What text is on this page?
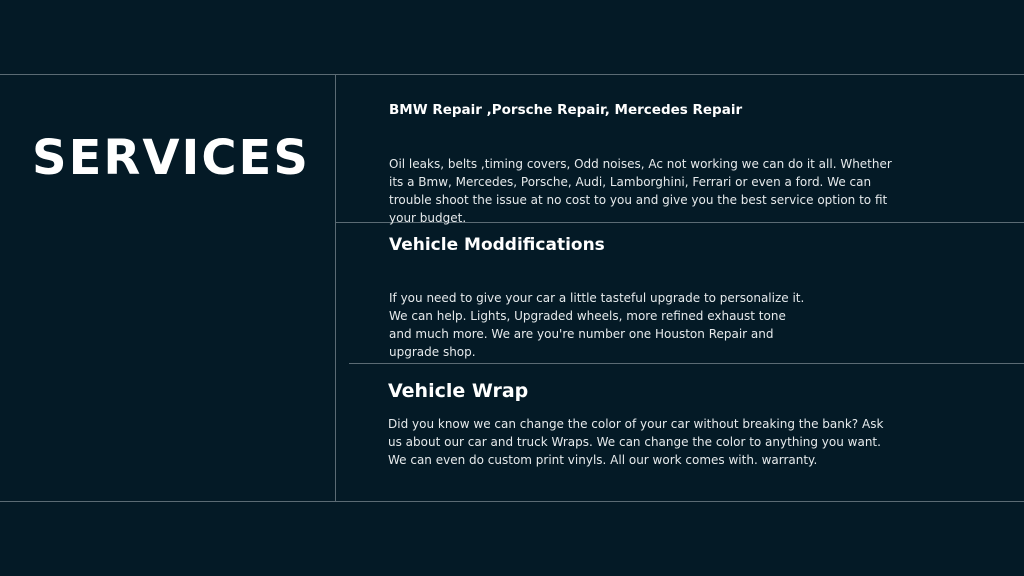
SERVICES
BMW Repair ,Porsche Repair, Mercedes Repair

Oil leaks, belts ,timing covers, Odd noises, Ac not working we can do it all. Whether its a Bmw, Mercedes, Porsche, Audi, Lamborghini, Ferrari or even a ford. We can trouble shoot the issue at no cost to you and give you the best service option to fit your budget.

Vehicle Moddifications

If you need to give your car a little tasteful upgrade to personalize it. We can help. Lights, Upgraded wheels, more refined exhaust tone and much more. We are you're number one Houston Repair and upgrade shop.

Vehicle Wrap

Did you know we can change the color of your car without breaking the bank? Ask us about our car and truck Wraps. We can change the color to anything you want. We can even do custom print vinyls. All our work comes with. warranty.
